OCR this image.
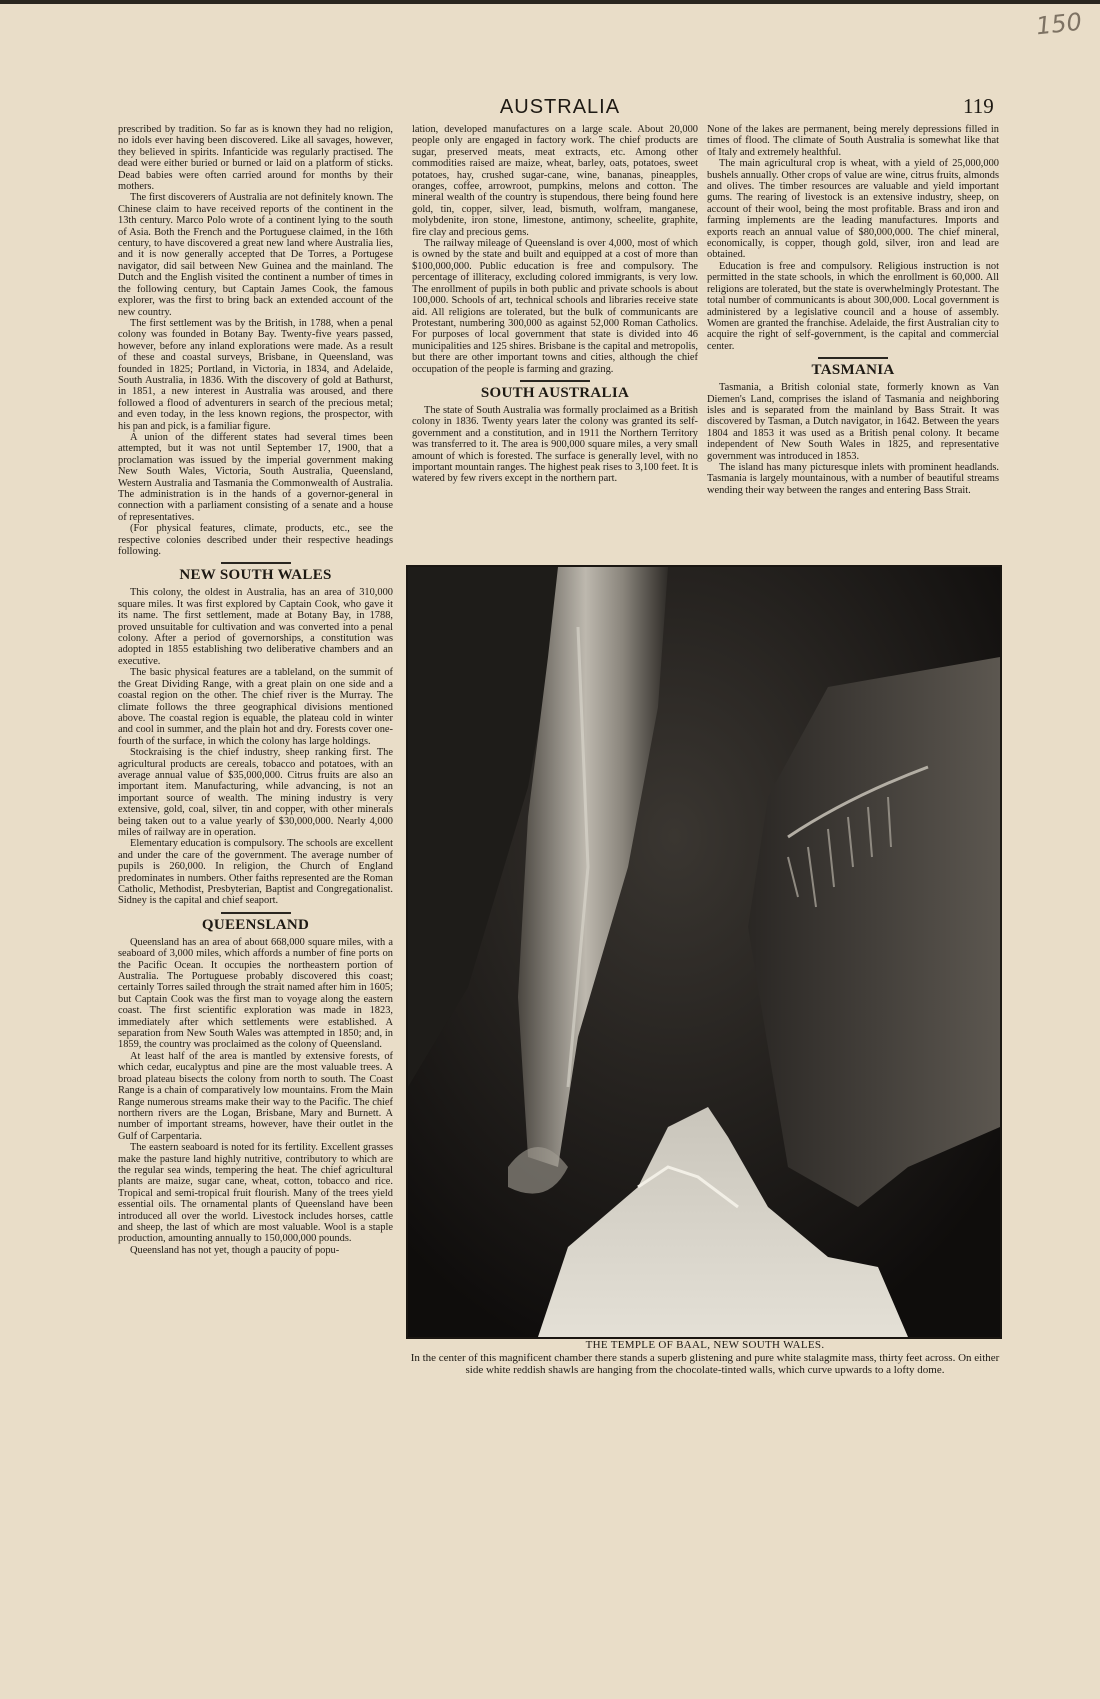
150
AUSTRALIA	119

prescribed by tradition. So far as is known they had no religion, no idols ever having been discovered. Like all savages, however, they believed in spirits. Infanticide was regularly practised. The dead were either buried or burned or laid on a platform of sticks. Dead babies were often carried around for months by their mothers.

The first discoverers of Australia are not definitely known. The Chinese claim to have received reports of the continent in the 13th century. Marco Polo wrote of a continent lying to the south of Asia. Both the French and the Portuguese claimed, in the 16th century, to have discovered a great new land where Australia lies, and it is now generally accepted that De Torres, a Portugese navigator, did sail between New Guinea and the mainland. The Dutch and the English visited the continent a number of times in the following century, but Captain James Cook, the famous explorer, was the first to bring back an extended account of the new country.

The first settlement was by the British, in 1788, when a penal colony was founded in Botany Bay. Twenty-five years passed, however, before any inland explorations were made. As a result of these and coastal surveys, Brisbane, in Queensland, was founded in 1825; Portland, in Victoria, in 1834, and Adelaide, South Australia, in 1836. With the discovery of gold at Bathurst, in 1851, a new interest in Australia was aroused, and there followed a flood of adventurers in search of the precious metal; and even today, in the less known regions, the prospector, with his pan and pick, is a familiar figure.

A union of the different states had several times been attempted, but it was not until September 17, 1900, that a proclamation was issued by the imperial government making New South Wales, Victoria, South Australia, Queensland, Western Australia and Tasmania the Commonwealth of Australia. The administration is in the hands of a governor-general in connection with a parliament consisting of a senate and a house of representatives.

(For physical features, climate, products, etc., see the respective colonies described under their respective headings following.

NEW SOUTH WALES

This colony, the oldest in Australia, has an area of 310,000 square miles. It was first explored by Captain Cook, who gave it its name. The first settlement, made at Botany Bay, in 1788, proved unsuitable for cultivation and was converted into a penal colony. After a period of governorships, a constitution was adopted in 1855 establishing two deliberative chambers and an executive.

The basic physical features are a tableland, on the summit of the Great Dividing Range, with a great plain on one side and a coastal region on the other. The chief river is the Murray. The climate follows the three geographical divisions mentioned above. The coastal region is equable, the plateau cold in winter and cool in summer, and the plain hot and dry. Forests cover one-fourth of the surface, in which the colony has large holdings.

Stockraising is the chief industry, sheep ranking first. The agricultural products are cereals, tobacco and potatoes, with an average annual value of $35,000,000. Citrus fruits are also an important item. Manufacturing, while advancing, is not an important source of wealth. The mining industry is very extensive, gold, coal, silver, tin and copper, with other minerals being taken out to a value yearly of $30,000,000. Nearly 4,000 miles of railway are in operation.

Elementary education is compulsory. The schools are excellent and under the care of the government. The average number of pupils is 260,000. In religion, the Church of England predominates in numbers. Other faiths represented are the Roman Catholic, Methodist, Presbyterian, Baptist and Congregationalist. Sidney is the capital and chief seaport.

QUEENSLAND

Queensland has an area of about 668,000 square miles, with a seaboard of 3,000 miles, which affords a number of fine ports on the Pacific Ocean. It occupies the northeastern portion of Australia. The Portuguese probably discovered this coast; certainly Torres sailed through the strait named after him in 1605; but Captain Cook was the first man to voyage along the eastern coast. The first scientific exploration was made in 1823, immediately after which settlements were established. A separation from New South Wales was attempted in 1850; and, in 1859, the country was proclaimed as the colony of Queensland.

At least half of the area is mantled by extensive forests, of which cedar, eucalyptus and pine are the most valuable trees. A broad plateau bisects the colony from north to south. The Coast Range is a chain of comparatively low mountains. From the Main Range numerous streams make their way to the Pacific. The chief northern rivers are the Logan, Brisbane, Mary and Burnett. A number of important streams, however, have their outlet in the Gulf of Carpentaria.

The eastern seaboard is noted for its fertility. Excellent grasses make the pasture land highly nutritive, contributory to which are the regular sea winds, tempering the heat. The chief agricultural plants are maize, sugar cane, wheat, cotton, tobacco and rice. Tropical and semi-tropical fruit flourish. Many of the trees yield essential oils. The ornamental plants of Queensland have been introduced all over the world. Livestock includes horses, cattle and sheep, the last of which are most valuable. Wool is a staple production, amounting annually to 150,000,000 pounds.

Queensland has not yet, though a paucity of popu-

lation, developed manufactures on a large scale. About 20,000 people only are engaged in factory work. The chief products are sugar, preserved meats, meat extracts, etc. Among other commodities raised are maize, wheat, barley, oats, potatoes, sweet potatoes, hay, crushed sugar-cane, wine, bananas, pineapples, oranges, coffee, arrowroot, pumpkins, melons and cotton. The mineral wealth of the country is stupendous, there being found here gold, tin, copper, silver, lead, bismuth, wolfram, manganese, molybdenite, iron stone, limestone, antimony, scheelite, graphite, fire clay and precious gems.

The railway mileage of Queensland is over 4,000, most of which is owned by the state and built and equipped at a cost of more than $100,000,000. Public education is free and compulsory. The percentage of illiteracy, excluding colored immigrants, is very low. The enrollment of pupils in both public and private schools is about 100,000. Schools of art, technical schools and libraries receive state aid. All religions are tolerated, but the bulk of communicants are Protestant, numbering 300,000 as against 52,000 Roman Catholics. For purposes of local government that state is divided into 46 municipalities and 125 shires. Brisbane is the capital and metropolis, but there are other important towns and cities, although the chief occupation of the people is farming and grazing.

SOUTH AUSTRALIA

The state of South Australia was formally proclaimed as a British colony in 1836. Twenty years later the colony was granted its self-government and a constitution, and in 1911 the Northern Territory was transferred to it. The area is 900,000 square miles, a very small amount of which is forested. The surface is generally level, with no important mountain ranges. The highest peak rises to 3,100 feet. It is watered by few rivers except in the northern part.

None of the lakes are permanent, being merely depressions filled in times of flood. The climate of South Australia is somewhat like that of Italy and extremely healthful.

The main agricultural crop is wheat, with a yield of 25,000,000 bushels annually. Other crops of value are wine, citrus fruits, almonds and olives. The timber resources are valuable and yield important gums. The rearing of livestock is an extensive industry, sheep, on account of their wool, being the most profitable. Brass and iron and farming implements are the leading manufactures. Imports and exports reach an annual value of $80,000,000. The chief mineral, economically, is copper, though gold, silver, iron and lead are obtained.

Education is free and compulsory. Religious instruction is not permitted in the state schools, in which the enrollment is 60,000. All religions are tolerated, but the state is overwhelmingly Protestant. The total number of communicants is about 300,000. Local government is administered by a legislative council and a house of assembly. Women are granted the franchise. Adelaide, the first Australian city to acquire the right of self-government, is the capital and commercial center.

TASMANIA

Tasmania, a British colonial state, formerly known as Van Diemen's Land, comprises the island of Tasmania and neighboring isles and is separated from the mainland by Bass Strait. It was discovered by Tasman, a Dutch navigator, in 1642. Between the years 1804 and 1853 it was used as a British penal colony. It became independent of New South Wales in 1825, and representative government was introduced in 1853.

The island has many picturesque inlets with prominent headlands. Tasmania is largely mountainous, with a number of beautiful streams wending their way between the ranges and entering Bass Strait.

THE TEMPLE OF BAAL, NEW SOUTH WALES.
In the center of this magnificent chamber there stands a superb glistening and pure white stalagmite mass, thirty feet across. On either side white reddish shawls are hanging from the chocolate-tinted walls, which curve upwards to a lofty dome.
